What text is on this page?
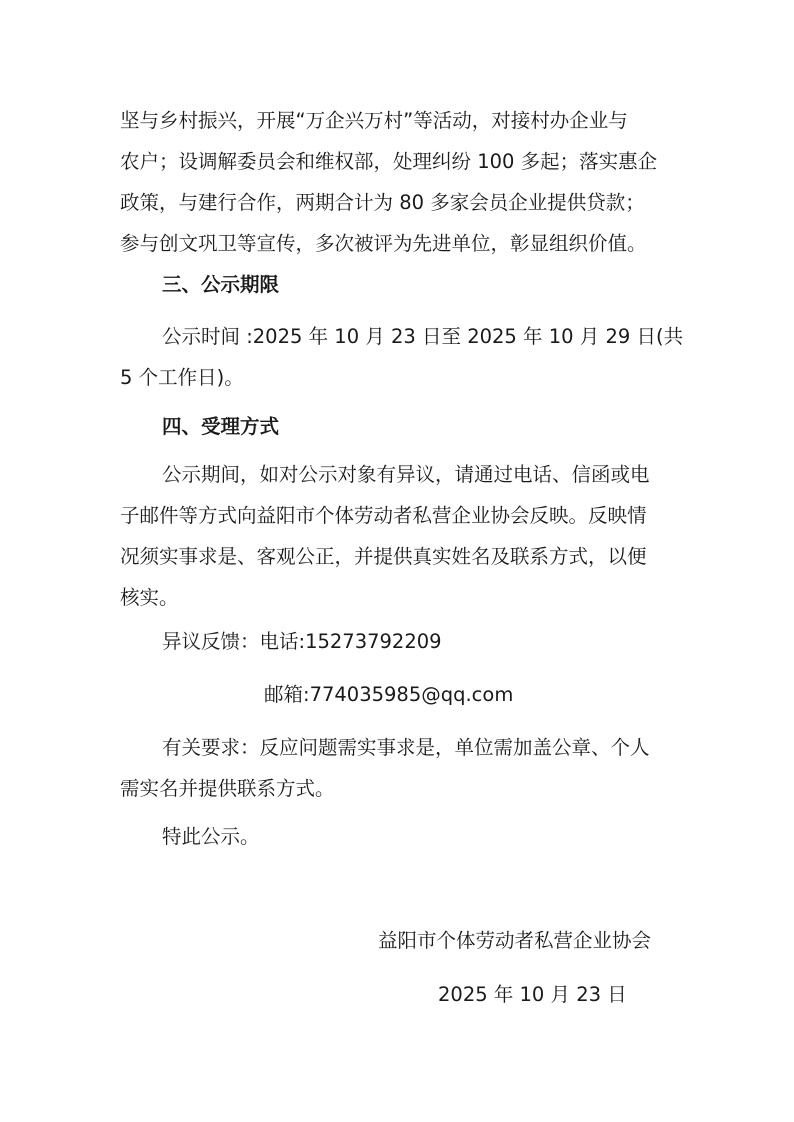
坚与乡村振兴，开展“万企兴万村”等活动，对接村办企业与
农户；设调解委员会和维权部，处理纠纷 100 多起；落实惠企
政策，与建行合作，两期合计为 80 多家会员企业提供贷款；
参与创文巩卫等宣传，多次被评为先进单位，彰显组织价值。
三、公示期限
公示时间 :2025 年 10 月 23 日至 2025 年 10 月 29 日(共
5 个工作日)。
四、受理方式
公示期间，如对公示对象有异议，请通过电话、信函或电
子邮件等方式向益阳市个体劳动者私营企业协会反映。反映情
况须实事求是、客观公正，并提供真实姓名及联系方式，以便
核实。
异议反馈：电话:15273792209
邮箱:774035985@qq.com
有关要求：反应问题需实事求是，单位需加盖公章、个人
需实名并提供联系方式。
特此公示。
益阳市个体劳动者私营企业协会
2025 年 10 月 23 日
